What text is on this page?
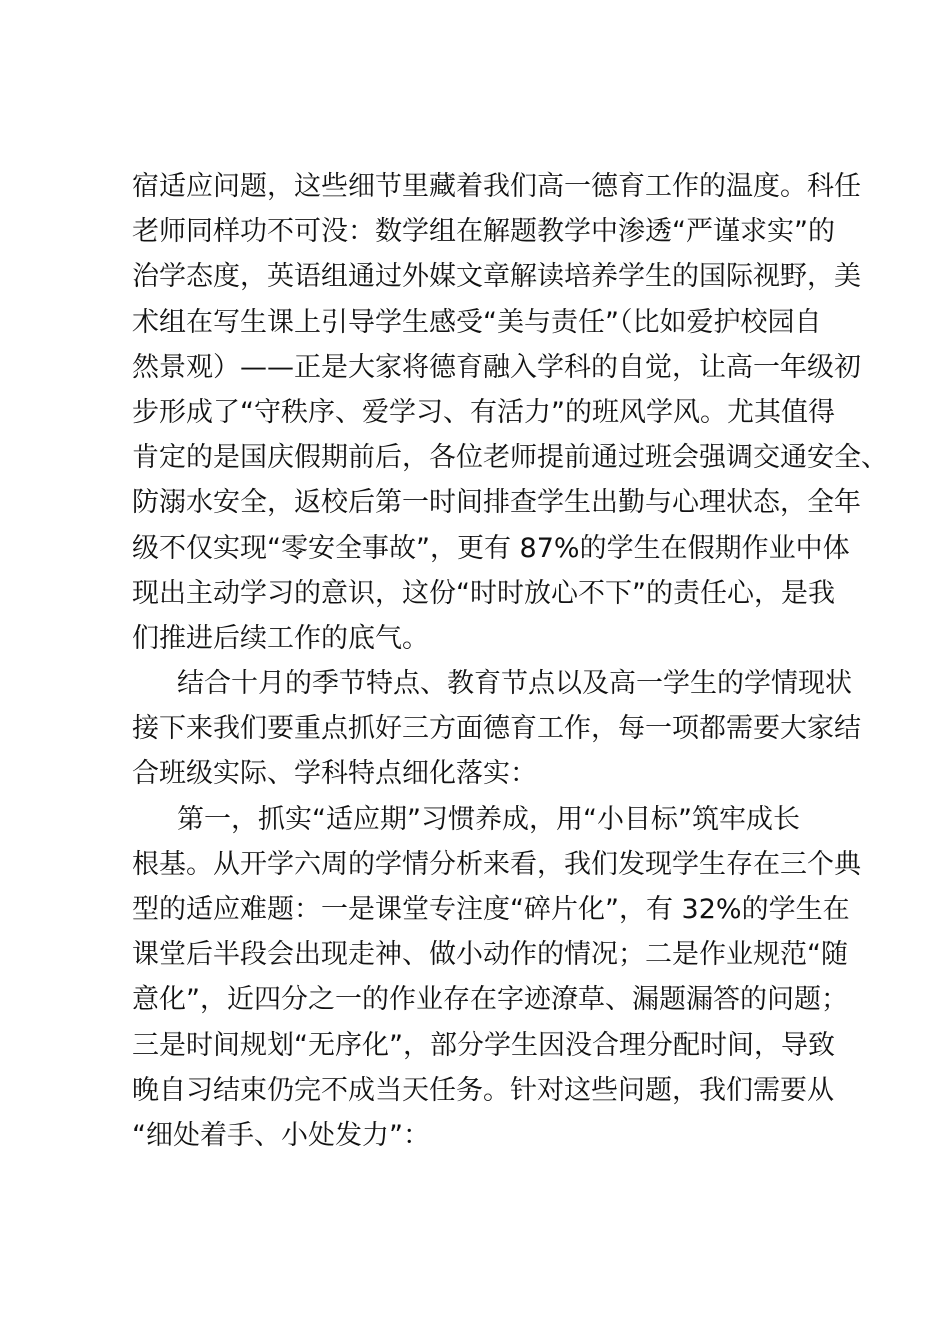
宿适应问题，这些细节里藏着我们高一德育工作的温度。科任
老师同样功不可没：数学组在解题教学中渗透“严谨求实”的
治学态度，英语组通过外媒文章解读培养学生的国际视野，美
术组在写生课上引导学生感受“美与责任”（比如爱护校园自
然景观）——正是大家将德育融入学科的自觉，让高一年级初
步形成了“守秩序、爱学习、有活力”的班风学风。尤其值得
肯定的是国庆假期前后，各位老师提前通过班会强调交通安全、
防溺水安全，返校后第一时间排查学生出勤与心理状态，全年
级不仅实现“零安全事故”，更有 87%的学生在假期作业中体
现出主动学习的意识，这份“时时放心不下”的责任心，是我
们推进后续工作的底气。
结合十月的季节特点、教育节点以及高一学生的学情现状
接下来我们要重点抓好三方面德育工作，每一项都需要大家结
合班级实际、学科特点细化落实：
第一，抓实“适应期”习惯养成，用“小目标”筑牢成长
根基。从开学六周的学情分析来看，我们发现学生存在三个典
型的适应难题：一是课堂专注度“碎片化”，有 32%的学生在
课堂后半段会出现走神、做小动作的情况；二是作业规范“随
意化”，近四分之一的作业存在字迹潦草、漏题漏答的问题；
三是时间规划“无序化”，部分学生因没合理分配时间，导致
晚自习结束仍完不成当天任务。针对这些问题，我们需要从
“细处着手、小处发力”：
